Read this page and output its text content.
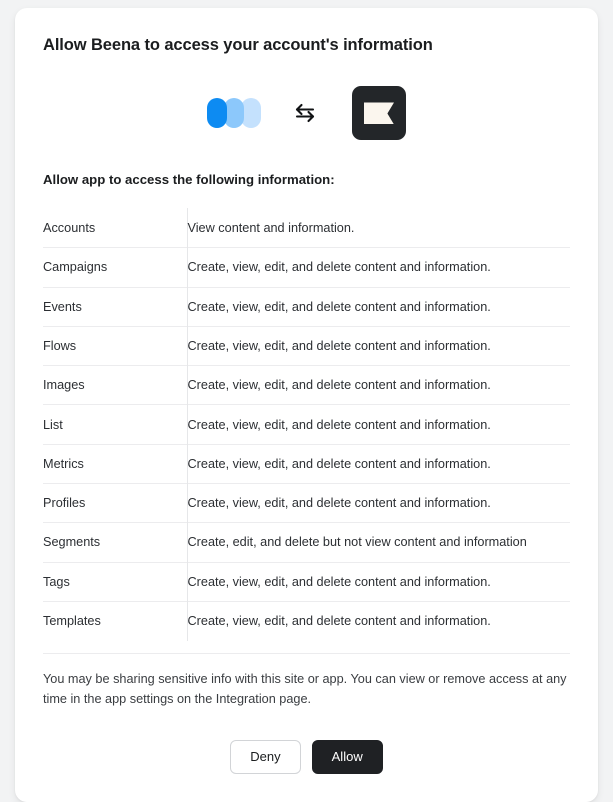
Allow Beena to access your account's information
Allow app to access the following information:
Accounts	View content and information.
Campaigns	Create, view, edit, and delete content and information.
Events	Create, view, edit, and delete content and information.
Flows	Create, view, edit, and delete content and information.
Images	Create, view, edit, and delete content and information.
List	Create, view, edit, and delete content and information.
Metrics	Create, view, edit, and delete content and information.
Profiles	Create, view, edit, and delete content and information.
Segments	Create, edit, and delete but not view content and information
Tags	Create, view, edit, and delete content and information.
Templates	Create, view, edit, and delete content and information.

You may be sharing sensitive info with this site or app. You can view or remove access at any time in the app settings on the Integration page.

Deny	Allow
